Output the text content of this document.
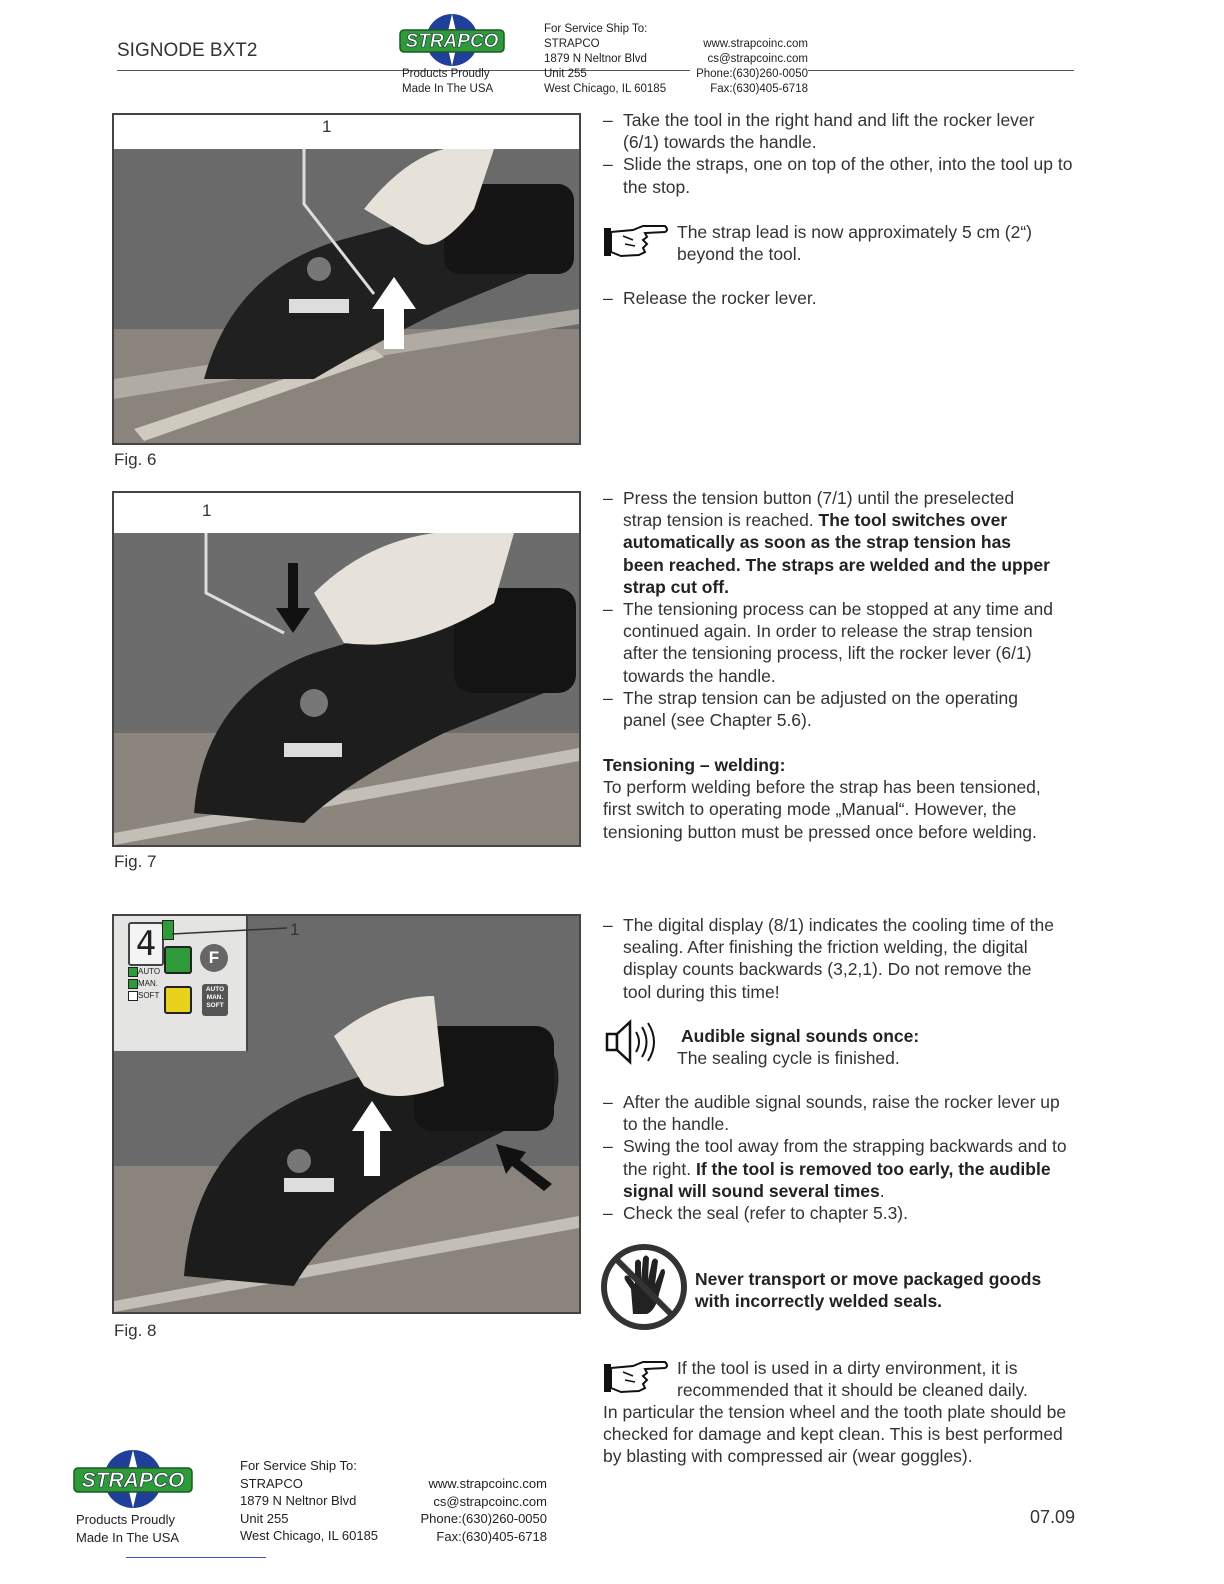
SIGNODE BXT2	STRAPCO
Products Proudly
Made In The USA
For Service Ship To:
STRAPCO
1879 N Neltnor Blvd
Unit 255
West Chicago, IL 60185
www.strapcoinc.com
cs@strapcoinc.com
Phone:(630)260-0050
Fax:(630)405-6718
1
Fig. 6
– Take the tool in the right hand and lift the rocker lever (6/1) towards the handle.
– Slide the straps, one on top of the other, into the tool up to the stop.
The strap lead is now approximately 5 cm (2“) beyond the tool.
– Release the rocker lever.
1
Fig. 7
– Press the tension button (7/1) until the preselected strap tension is reached. The tool switches over automatically as soon as the strap tension has been reached. The straps are welded and the upper strap cut off.
– The tensioning process can be stopped at any time and continued again. In order to release the strap tension after the tensioning process, lift the rocker lever (6/1) towards the handle.
– The strap tension can be adjusted on the operating panel (see Chapter 5.6).
Tensioning – welding:
To perform welding before the strap has been tensioned, first switch to operating mode „Manual“. However, the tensioning button must be pressed once before welding.
4	F
AUTO
MAN.
SOFT
AUTO
MAN.
SOFT
1
Fig. 8
– The digital display (8/1) indicates the cooling time of the sealing. After finishing the friction welding, the digital display counts backwards (3,2,1). Do not remove the tool during this time!
Audible signal sounds once:
The sealing cycle is finished.
– After the audible signal sounds, raise the rocker lever up to the handle.
– Swing the tool away from the strapping backwards and to the right. If the tool is removed too early, the audible signal will sound several times.
– Check the seal (refer to chapter 5.3).
Never transport or move packaged goods with incorrectly welded seals.
If the tool is used in a dirty environment, it is recommended that it should be cleaned daily.
In particular the tension wheel and the tooth plate should be checked for damage and kept clean. This is best performed by blasting with compressed air (wear goggles).
STRAPCO
Products Proudly
Made In The USA
For Service Ship To:
STRAPCO
1879 N Neltnor Blvd
Unit 255
West Chicago, IL 60185
www.strapcoinc.com
cs@strapcoinc.com
Phone:(630)260-0050
Fax:(630)405-6718
07.09
